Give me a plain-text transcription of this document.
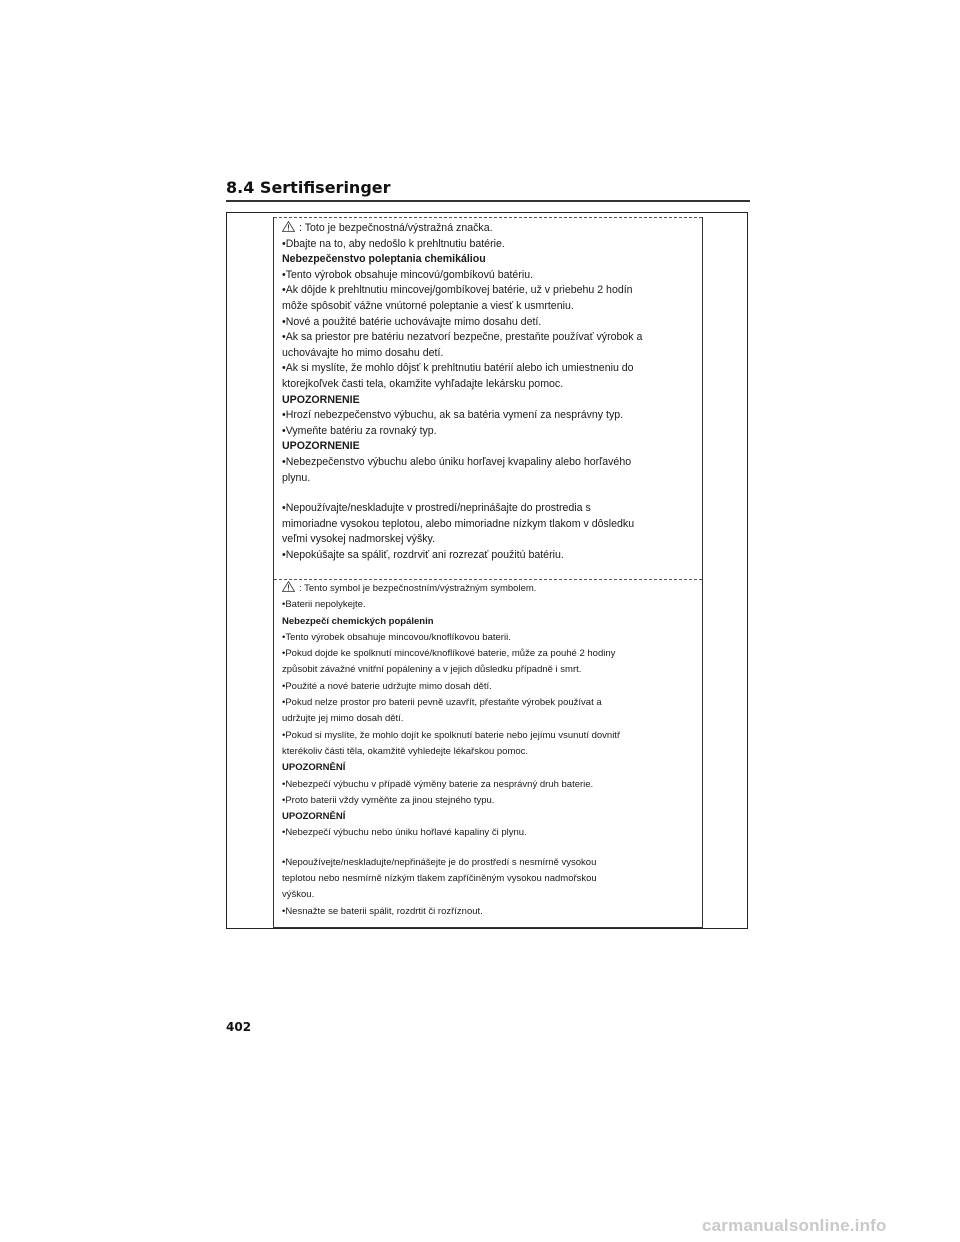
8.4 Sertifiseringer
: Toto je bezpečnostná/výstražná značka.
•Dbajte na to, aby nedošlo k prehltnutiu batérie.
Nebezpečenstvo poleptania chemikáliou
•Tento výrobok obsahuje mincovú/gombíkovú batériu.
•Ak dôjde k prehltnutiu mincovej/gombíkovej batérie, už v priebehu 2 hodín
môže spôsobiť vážne vnútorné poleptanie a viesť k usmrteniu.
•Nové a použité batérie uchovávajte mimo dosahu detí.
•Ak sa priestor pre batériu nezatvorí bezpečne, prestaňte používať výrobok a
uchovávajte ho mimo dosahu detí.
•Ak si myslíte, že mohlo dôjsť k prehltnutiu batérií alebo ich umiestneniu do
ktorejkoľvek časti tela, okamžite vyhľadajte lekársku pomoc.
UPOZORNENIE
•Hrozí nebezpečenstvo výbuchu, ak sa batéria vymení za nesprávny typ.
•Vymeňte batériu za rovnaký typ.
UPOZORNENIE
•Nebezpečenstvo výbuchu alebo úniku horľavej kvapaliny alebo horľavého
plynu.
•Nepoužívajte/neskladujte v prostredí/neprinášajte do prostredia s
mimoriadne vysokou teplotou, alebo mimoriadne nízkym tlakom v dôsledku
veľmi vysokej nadmorskej výšky.
•Nepokúšajte sa spáliť, rozdrviť ani rozrezať použitú batériu.
: Tento symbol je bezpečnostním/výstražným symbolem.
•Baterii nepolykejte.
Nebezpečí chemických popálenin
•Tento výrobek obsahuje mincovou/knoflíkovou baterii.
•Pokud dojde ke spolknutí mincové/knoflíkové baterie, může za pouhé 2 hodiny
způsobit závažné vnitřní popáleniny a v jejich důsledku případně i smrt.
•Použité a nové baterie udržujte mimo dosah dětí.
•Pokud nelze prostor pro baterii pevně uzavřít, přestaňte výrobek používat a
udržujte jej mimo dosah dětí.
•Pokud si myslíte, že mohlo dojít ke spolknutí baterie nebo jejímu vsunutí dovnitř
kterékoliv části těla, okamžitě vyhledejte lékařskou pomoc.
UPOZORNĚNÍ
•Nebezpečí výbuchu v případě výměny baterie za nesprávný druh baterie.
•Proto baterii vždy vyměňte za jinou stejného typu.
UPOZORNĚNÍ
•Nebezpečí výbuchu nebo úniku hořlavé kapaliny či plynu.
•Nepoužívejte/neskladujte/nepřinášejte je do prostředí s nesmírně vysokou
teplotou nebo nesmírně nízkým tlakem zapříčiněným vysokou nadmořskou
výškou.
•Nesnažte se baterii spálit, rozdrtit či rozříznout.
402
carmanualsonline.info
